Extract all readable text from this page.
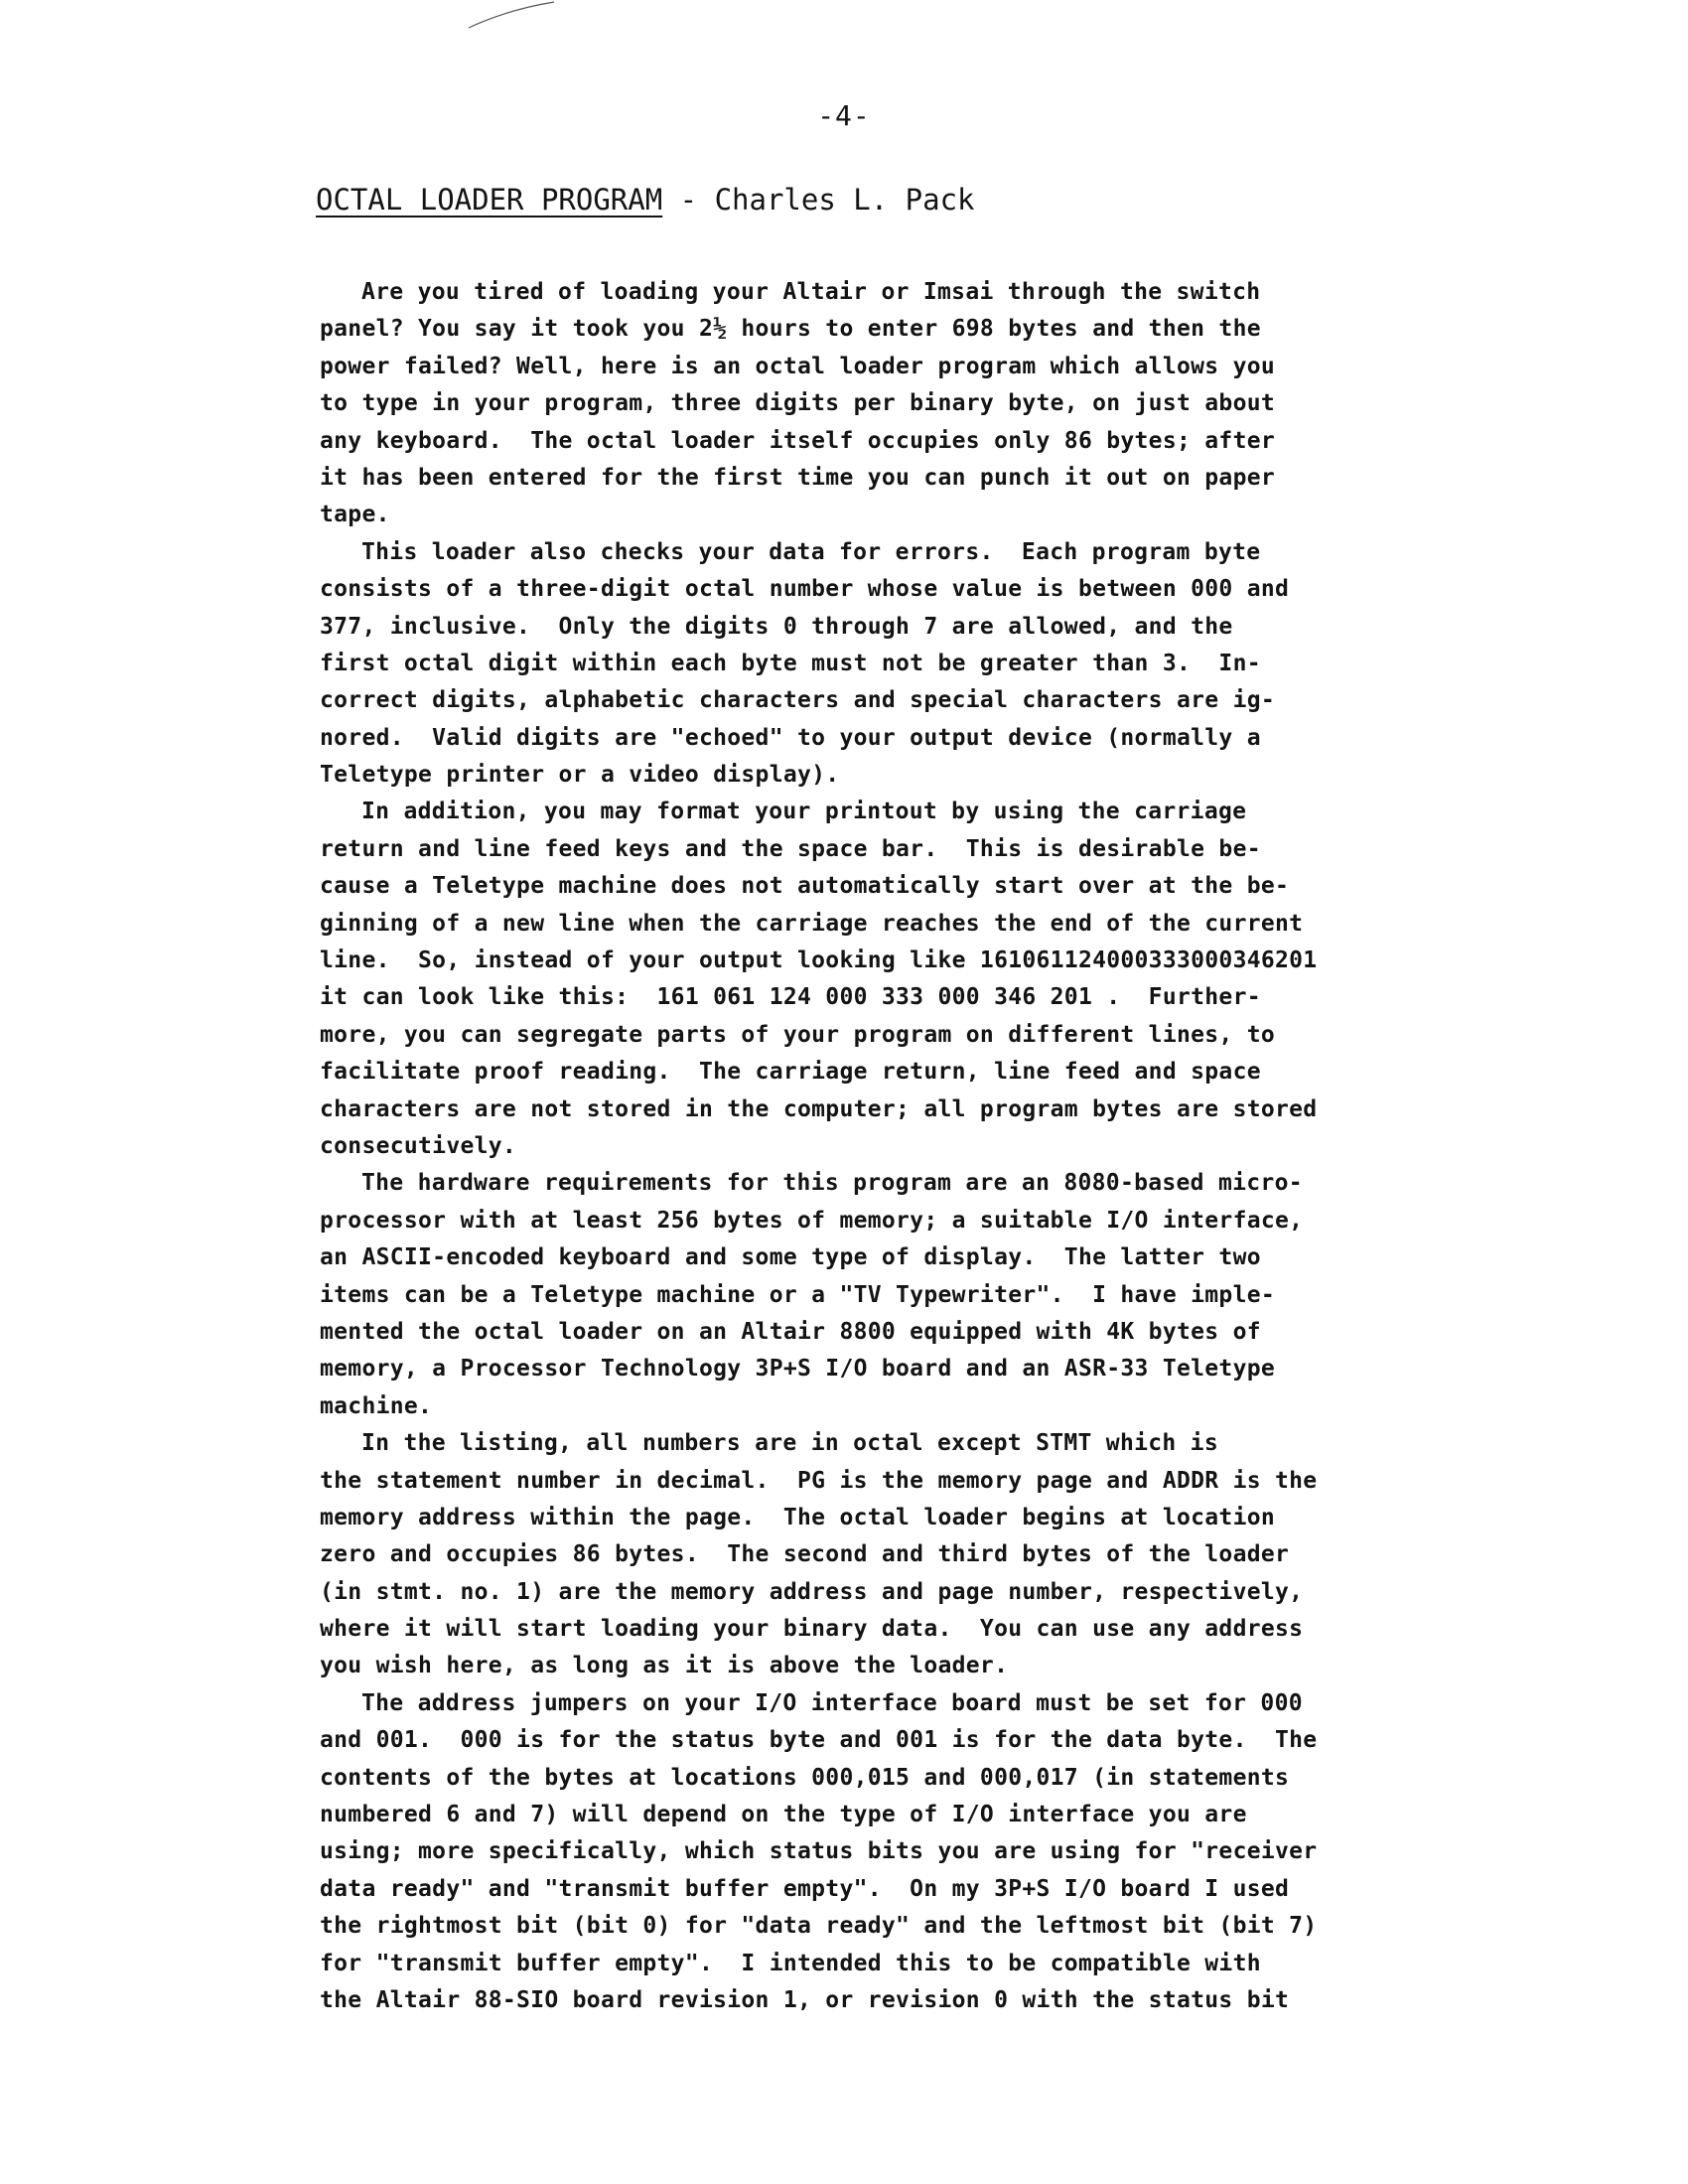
-4-
OCTAL LOADER PROGRAM - Charles L. Pack
Are you tired of loading your Altair or Imsai through the switch
panel? You say it took you 2½ hours to enter 698 bytes and then the
power failed? Well, here is an octal loader program which allows you
to type in your program, three digits per binary byte, on just about
any keyboard.  The octal loader itself occupies only 86 bytes; after
it has been entered for the first time you can punch it out on paper
tape.
This loader also checks your data for errors.  Each program byte
consists of a three-digit octal number whose value is between 000 and
377, inclusive.  Only the digits 0 through 7 are allowed, and the
first octal digit within each byte must not be greater than 3.  In-
correct digits, alphabetic characters and special characters are ig-
nored.  Valid digits are "echoed" to your output device (normally a
Teletype printer or a video display).
In addition, you may format your printout by using the carriage
return and line feed keys and the space bar.  This is desirable be-
cause a Teletype machine does not automatically start over at the be-
ginning of a new line when the carriage reaches the end of the current
line.  So, instead of your output looking like 161061124000333000346201
it can look like this:  161 061 124 000 333 000 346 201 .  Further-
more, you can segregate parts of your program on different lines, to
facilitate proof reading.  The carriage return, line feed and space
characters are not stored in the computer; all program bytes are stored
consecutively.
The hardware requirements for this program are an 8080-based micro-
processor with at least 256 bytes of memory; a suitable I/O interface,
an ASCII-encoded keyboard and some type of display.  The latter two
items can be a Teletype machine or a "TV Typewriter".  I have imple-
mented the octal loader on an Altair 8800 equipped with 4K bytes of
memory, a Processor Technology 3P+S I/O board and an ASR-33 Teletype
machine.
In the listing, all numbers are in octal except STMT which is
the statement number in decimal.  PG is the memory page and ADDR is the
memory address within the page.  The octal loader begins at location
zero and occupies 86 bytes.  The second and third bytes of the loader
(in stmt. no. 1) are the memory address and page number, respectively,
where it will start loading your binary data.  You can use any address
you wish here, as long as it is above the loader.
The address jumpers on your I/O interface board must be set for 000
and 001.  000 is for the status byte and 001 is for the data byte.  The
contents of the bytes at locations 000,015 and 000,017 (in statements
numbered 6 and 7) will depend on the type of I/O interface you are
using; more specifically, which status bits you are using for "receiver
data ready" and "transmit buffer empty".  On my 3P+S I/O board I used
the rightmost bit (bit 0) for "data ready" and the leftmost bit (bit 7)
for "transmit buffer empty".  I intended this to be compatible with
the Altair 88-SIO board revision 1, or revision 0 with the status bit
